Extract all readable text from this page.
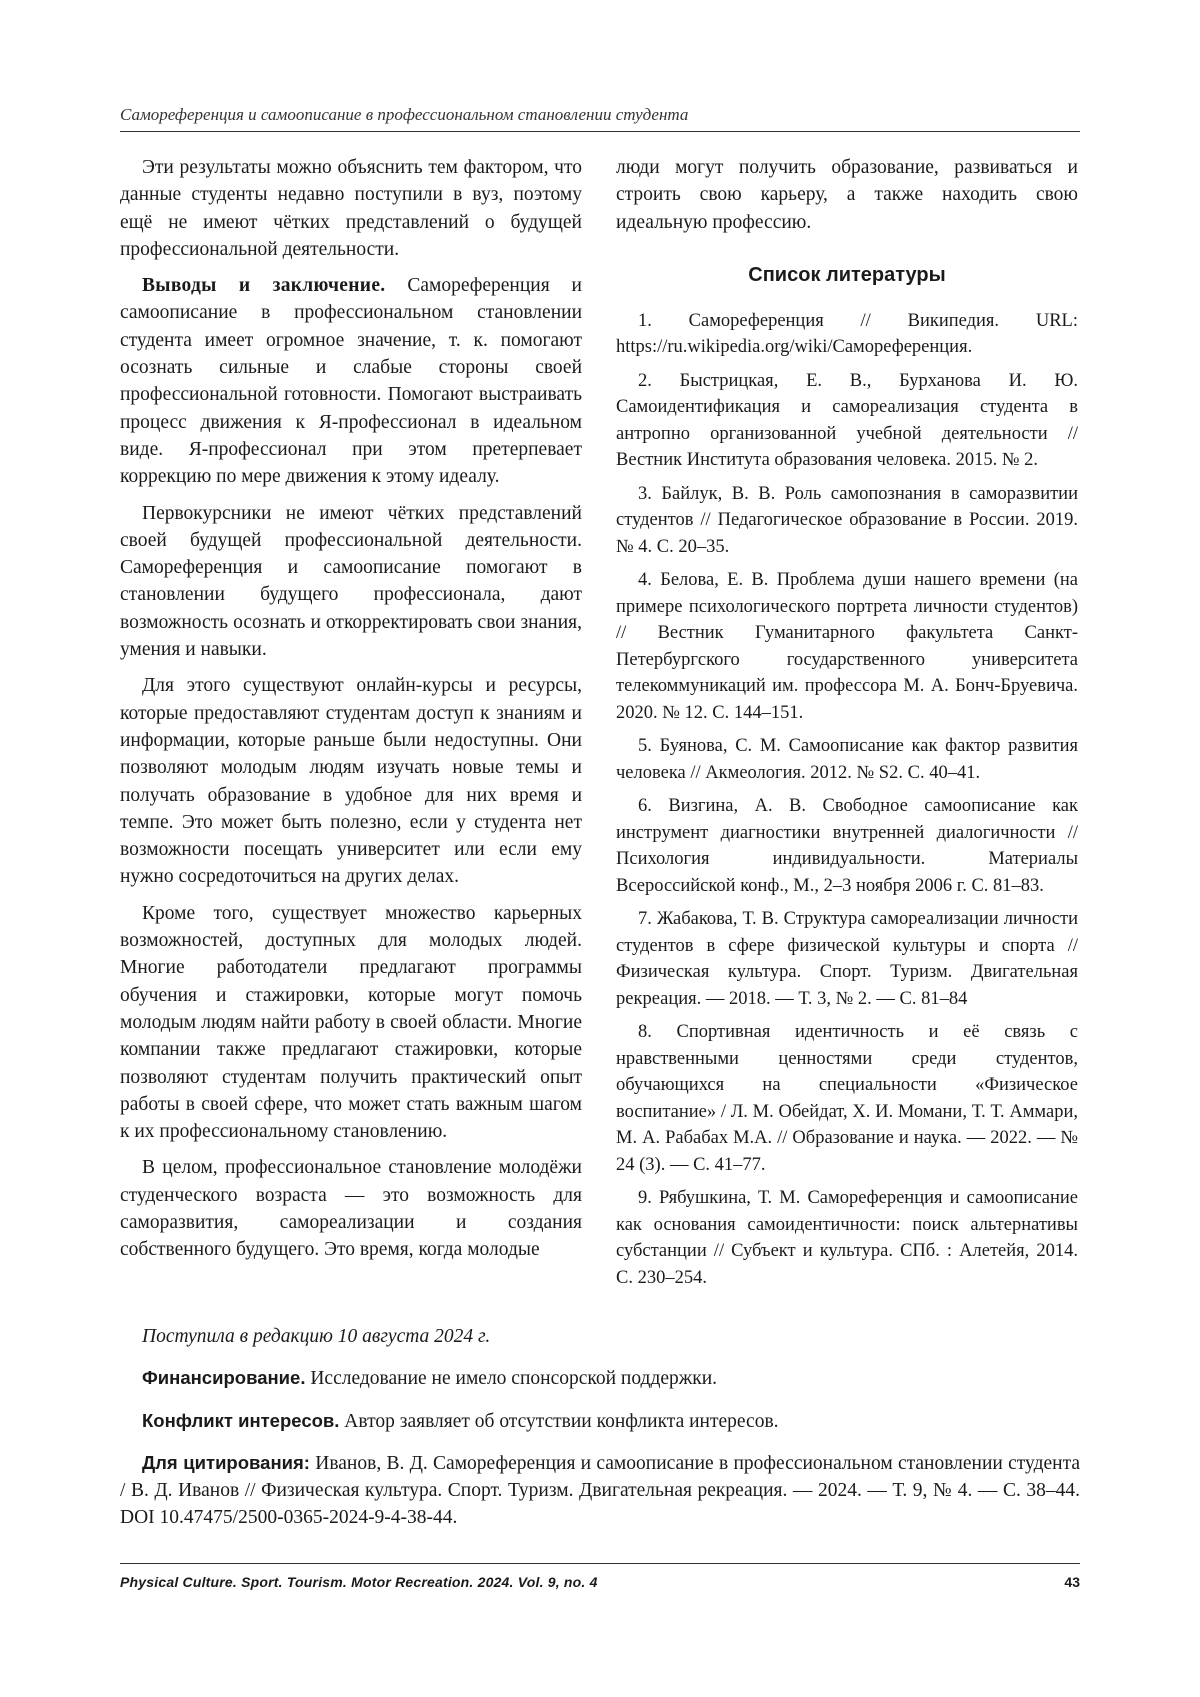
Самореференция и самоописание в профессиональном становлении студента

Эти результаты можно объяснить тем фактором, что данные студенты недавно поступили в вуз, поэтому ещё не имеют чётких представлений о будущей профессиональной деятельности.

Выводы и заключение. Самореференция и самоописание в профессиональном становлении студента имеет огромное значение, т. к. помогают осознать сильные и слабые стороны своей профессиональной готовности. Помогают выстраивать процесс движения к Я-профессионал в идеальном виде. Я-профессионал при этом претерпевает коррекцию по мере движения к этому идеалу.

Первокурсники не имеют чётких представлений своей будущей профессиональной деятельности. Самореференция и самоописание помогают в становлении будущего профессионала, дают возможность осознать и откорректировать свои знания, умения и навыки.

Для этого существуют онлайн-курсы и ресурсы, которые предоставляют студентам доступ к знаниям и информации, которые раньше были недоступны. Они позволяют молодым людям изучать новые темы и получать образование в удобное для них время и темпе. Это может быть полезно, если у студента нет возможности посещать университет или если ему нужно сосредоточиться на других делах.

Кроме того, существует множество карьерных возможностей, доступных для молодых людей. Многие работодатели предлагают программы обучения и стажировки, которые могут помочь молодым людям найти работу в своей области. Многие компании также предлагают стажировки, которые позволяют студентам получить практический опыт работы в своей сфере, что может стать важным шагом к их профессиональному становлению.

В целом, профессиональное становление молодёжи студенческого возраста — это возможность для саморазвития, самореализации и создания собственного будущего. Это время, когда молодые

люди могут получить образование, развиваться и строить свою карьеру, а также находить свою идеальную профессию.

Список литературы
1. Самореференция // Википедия. URL: https://ru.wikipedia.org/wiki/Самореференция.
2. Быстрицкая, Е. В., Бурханова И. Ю. Самоидентификация и самореализация студента в антропно организованной учебной деятельности // Вестник Института образования человека. 2015. № 2.
3. Байлук, В. В. Роль самопознания в саморазвитии студентов // Педагогическое образование в России. 2019. № 4. С. 20–35.
4. Белова, Е. В. Проблема души нашего времени (на примере психологического портрета личности студентов) // Вестник Гуманитарного факультета Санкт-Петербургского государственного университета телекоммуникаций им. профессора М. А. Бонч-Бруевича. 2020. № 12. С. 144–151.
5. Буянова, С. М. Самоописание как фактор развития человека // Акмеология. 2012. № S2. С. 40–41.
6. Визгина, А. В. Свободное самоописание как инструмент диагностики внутренней диалогичности // Психология индивидуальности. Материалы Всероссийской конф., М., 2–3 ноября 2006 г. С. 81–83.
7. Жабакова, Т. В. Структура самореализации личности студентов в сфере физической культуры и спорта // Физическая культура. Спорт. Туризм. Двигательная рекреация. — 2018. — Т. 3, № 2. — С. 81–84
8. Спортивная идентичность и её связь с нравственными ценностями среди студентов, обучающихся на специальности «Физическое воспитание» / Л. М. Обейдат, Х. И. Момани, Т. Т. Аммари, М. А. Рабабах М.А. // Образование и наука. — 2022. — № 24 (3). — С. 41–77.
9. Рябушкина, Т. М. Самореференция и самоописание как основания самоидентичности: поиск альтернативы субстанции // Субъект и культура. СПб. : Алетейя, 2014. С. 230–254.
Поступила в редакцию 10 августа 2024 г.
Финансирование. Исследование не имело спонсорской поддержки.
Конфликт интересов. Автор заявляет об отсутствии конфликта интересов.
Для цитирования: Иванов, В. Д. Самореференция и самоописание в профессиональном становлении студента / В. Д. Иванов // Физическая культура. Спорт. Туризм. Двигательная рекреация. — 2024. — Т. 9, № 4. — С. 38–44. DOI 10.47475/2500-0365-2024-9-4-38-44.
Physical Culture. Sport. Tourism. Motor Recreation. 2024. Vol. 9, no. 4	43
